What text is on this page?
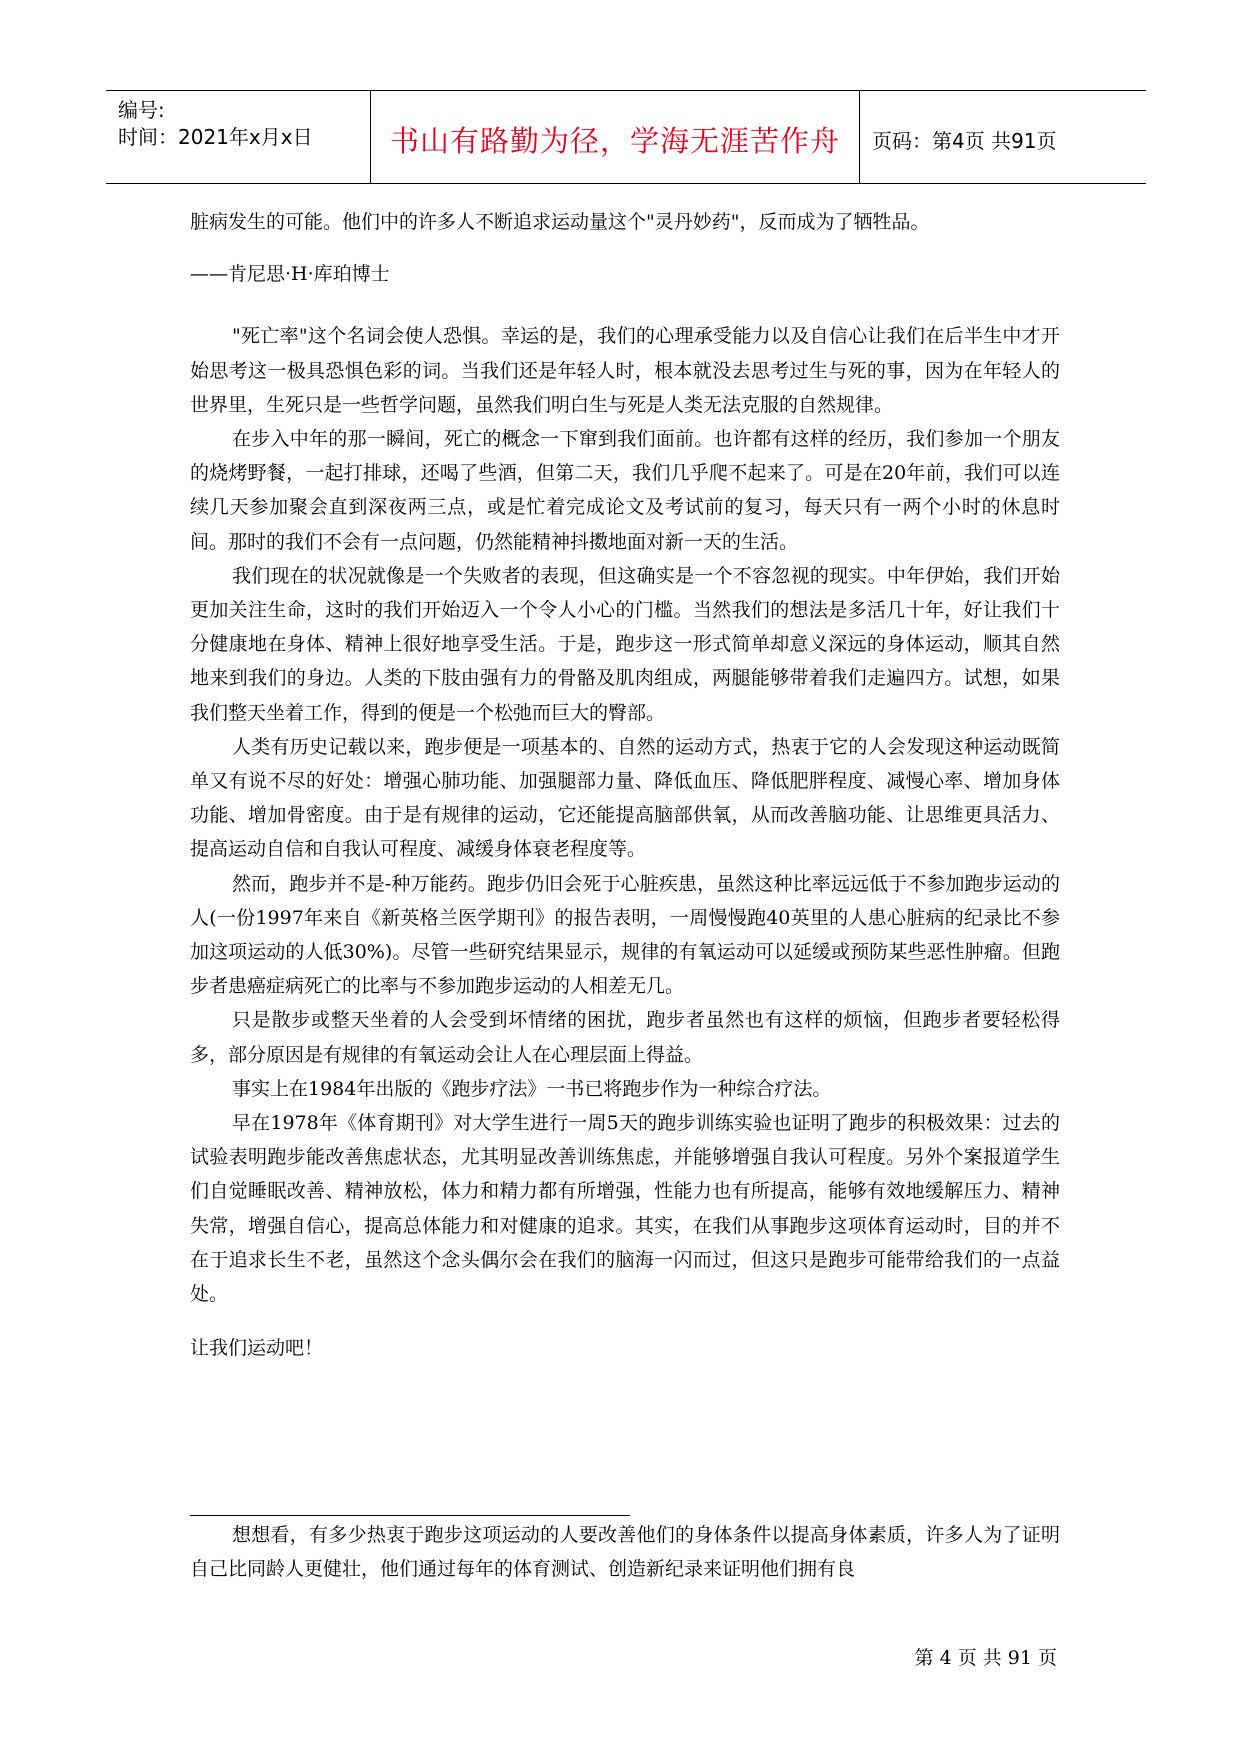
编号:
时间：2021年x月x日	书山有路勤为径，学海无涯苦作舟	页码：第4页 共91页

脏病发生的可能。他们中的许多人不断追求运动量这个"灵丹妙药"，反而成为了牺牲品。

——肯尼思·H·库珀博士

"死亡率"这个名词会使人恐惧。幸运的是，我们的心理承受能力以及自信心让我们在后半生中才开始思考这一极具恐惧色彩的词。当我们还是年轻人时，根本就没去思考过生与死的事，因为在年轻人的世界里，生死只是一些哲学问题，虽然我们明白生与死是人类无法克服的自然规律。

在步入中年的那一瞬间，死亡的概念一下窜到我们面前。也许都有这样的经历，我们参加一个朋友的烧烤野餐，一起打排球，还喝了些酒，但第二天，我们几乎爬不起来了。可是在20年前，我们可以连续几天参加聚会直到深夜两三点，或是忙着完成论文及考试前的复习，每天只有一两个小时的休息时间。那时的我们不会有一点问题，仍然能精神抖擞地面对新一天的生活。

我们现在的状况就像是一个失败者的表现，但这确实是一个不容忽视的现实。中年伊始，我们开始更加关注生命，这时的我们开始迈入一个令人小心的门槛。当然我们的想法是多活几十年，好让我们十分健康地在身体、精神上很好地享受生活。于是，跑步这一形式简单却意义深远的身体运动，顺其自然地来到我们的身边。人类的下肢由强有力的骨骼及肌肉组成，两腿能够带着我们走遍四方。试想，如果我们整天坐着工作，得到的便是一个松弛而巨大的臀部。

人类有历史记载以来，跑步便是一项基本的、自然的运动方式，热衷于它的人会发现这种运动既简单又有说不尽的好处：增强心肺功能、加强腿部力量、降低血压、降低肥胖程度、减慢心率、增加身体功能、增加骨密度。由于是有规律的运动，它还能提高脑部供氧，从而改善脑功能、让思维更具活力、提高运动自信和自我认可程度、减缓身体衰老程度等。

然而，跑步并不是-种万能药。跑步仍旧会死于心脏疾患，虽然这种比率远远低于不参加跑步运动的人(一份1997年来自《新英格兰医学期刊》的报告表明，一周慢慢跑40英里的人患心脏病的纪录比不参加这项运动的人低30%)。尽管一些研究结果显示，规律的有氧运动可以延缓或预防某些恶性肿瘤。但跑步者患癌症病死亡的比率与不参加跑步运动的人相差无几。

只是散步或整天坐着的人会受到坏情绪的困扰，跑步者虽然也有这样的烦恼，但跑步者要轻松得多，部分原因是有规律的有氧运动会让人在心理层面上得益。

事实上在1984年出版的《跑步疗法》一书已将跑步作为一种综合疗法。

早在1978年《体育期刊》对大学生进行一周5天的跑步训练实验也证明了跑步的积极效果：过去的试验表明跑步能改善焦虑状态，尤其明显改善训练焦虑，并能够增强自我认可程度。另外个案报道学生们自觉睡眠改善、精神放松，体力和精力都有所增强，性能力也有所提高，能够有效地缓解压力、精神失常，增强自信心，提高总体能力和对健康的追求。其实，在我们从事跑步这项体育运动时，目的并不在于追求长生不老，虽然这个念头偶尔会在我们的脑海一闪而过，但这只是跑步可能带给我们的一点益处。

让我们运动吧！

想想看，有多少热衷于跑步这项运动的人要改善他们的身体条件以提高身体素质，许多人为了证明自己比同龄人更健壮，他们通过每年的体育测试、创造新纪录来证明他们拥有良

第 4 页 共 91 页
